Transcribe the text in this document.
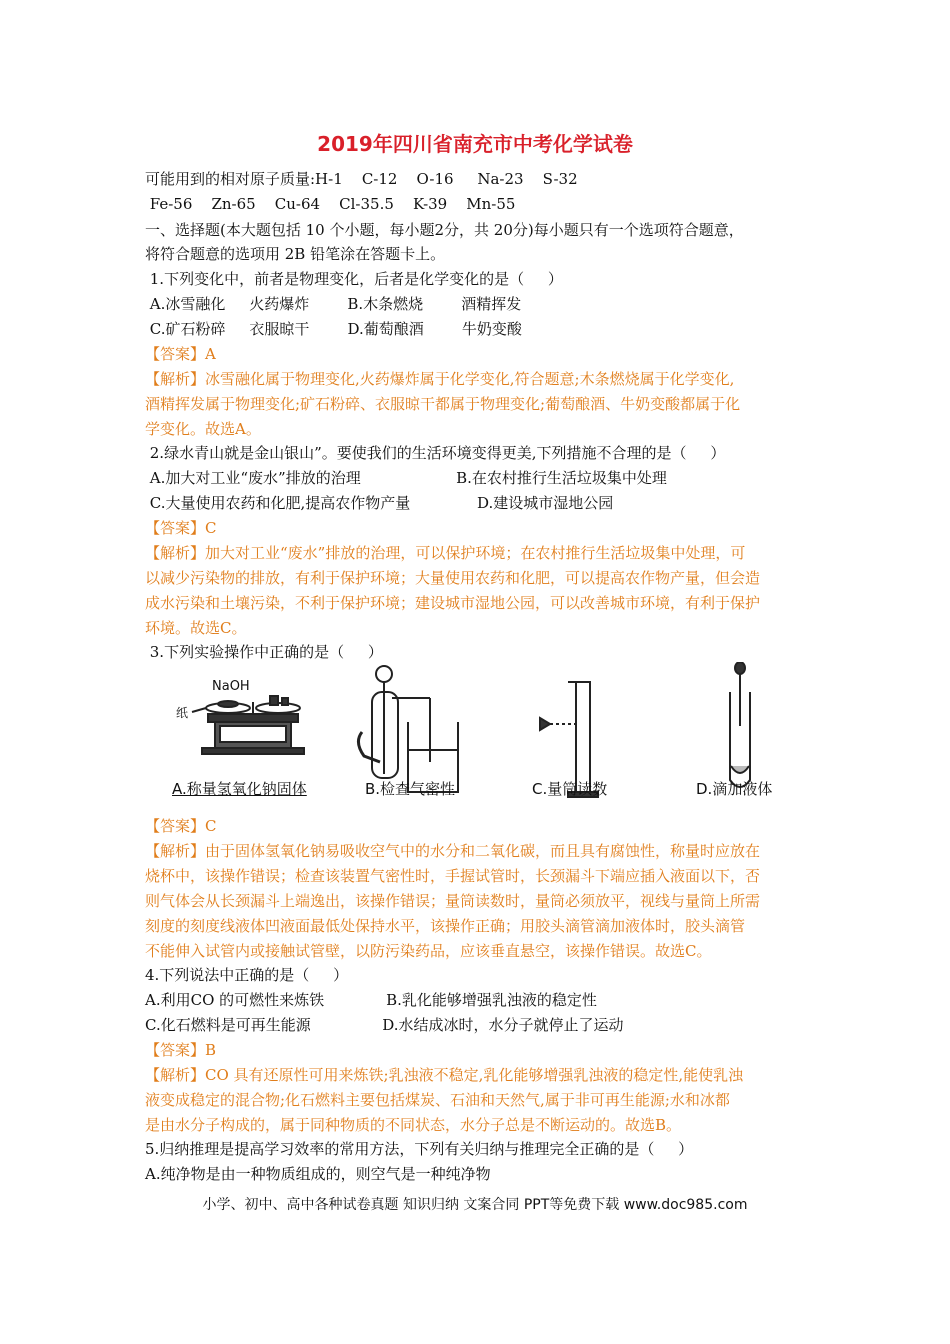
2019年四川省南充市中考化学试卷
可能用到的相对原子质量:H-1    C-12    O-16     Na-23    S-32
Fe-56    Zn-65    Cu-64    Cl-35.5    K-39    Mn-55
一、选择题(本大题包括 10 个小题，每小题2分，共 20分)每小题只有一个选项符合题意，
将符合题意的选项用 2B 铅笔涂在答题卡上。
1.下列变化中，前者是物理变化，后者是化学变化的是（     ）
A.冰雪融化     火药爆炸        B.木条燃烧        酒精挥发
C.矿石粉碎     衣服晾干        D.葡萄酿酒        牛奶变酸
【答案】A
【解析】冰雪融化属于物理变化,火药爆炸属于化学变化,符合题意;木条燃烧属于化学变化,
酒精挥发属于物理变化;矿石粉碎、衣服晾干都属于物理变化;葡萄酿酒、牛奶变酸都属于化
学变化。故选A。
2.绿水青山就是金山银山”。要使我们的生活环境变得更美,下列措施不合理的是（     ）
A.加大对工业“废水”排放的治理                    B.在农村推行生活垃圾集中处理
C.大量使用农药和化肥,提高农作物产量              D.建设城市湿地公园
【答案】C
【解析】加大对工业“废水”排放的治理，可以保护环境；在农村推行生活垃圾集中处理，可
以减少污染物的排放，有利于保护环境；大量使用农药和化肥，可以提高农作物产量，但会造
成水污染和土壤污染，不利于保护环境；建设城市湿地公园，可以改善城市环境，有利于保护
环境。故选C。
3.下列实验操作中正确的是（     ）
NaOH
纸
A.称量氢氧化钠固体	B.检查气密性	C.量筒读数	D.滴加液体
【答案】C
【解析】由于固体氢氧化钠易吸收空气中的水分和二氧化碳，而且具有腐蚀性，称量时应放在
烧杯中，该操作错误；检查该装置气密性时，手握试管时，长颈漏斗下端应插入液面以下，否
则气体会从长颈漏斗上端逸出，该操作错误；量筒读数时，量筒必须放平，视线与量筒上所需
刻度的刻度线液体凹液面最低处保持水平，该操作正确；用胶头滴管滴加液体时，胶头滴管
不能伸入试管内或接触试管壁，以防污染药品，应该垂直悬空，该操作错误。故选C。
4.下列说法中正确的是（     ）
A.利用CO 的可燃性来炼铁             B.乳化能够增强乳浊液的稳定性
C.化石燃料是可再生能源               D.水结成冰时，水分子就停止了运动
【答案】B
【解析】CO 具有还原性可用来炼铁;乳浊液不稳定,乳化能够增强乳浊液的稳定性,能使乳浊
液变成稳定的混合物;化石燃料主要包括煤炭、石油和天然气,属于非可再生能源;水和冰都
是由水分子构成的，属于同种物质的不同状态，水分子总是不断运动的。故选B。
5.归纳推理是提高学习效率的常用方法，下列有关归纳与推理完全正确的是（     ）
A.纯净物是由一种物质组成的，则空气是一种纯净物
小学、初中、高中各种试卷真题 知识归纳 文案合同 PPT等免费下载 www.doc985.com
